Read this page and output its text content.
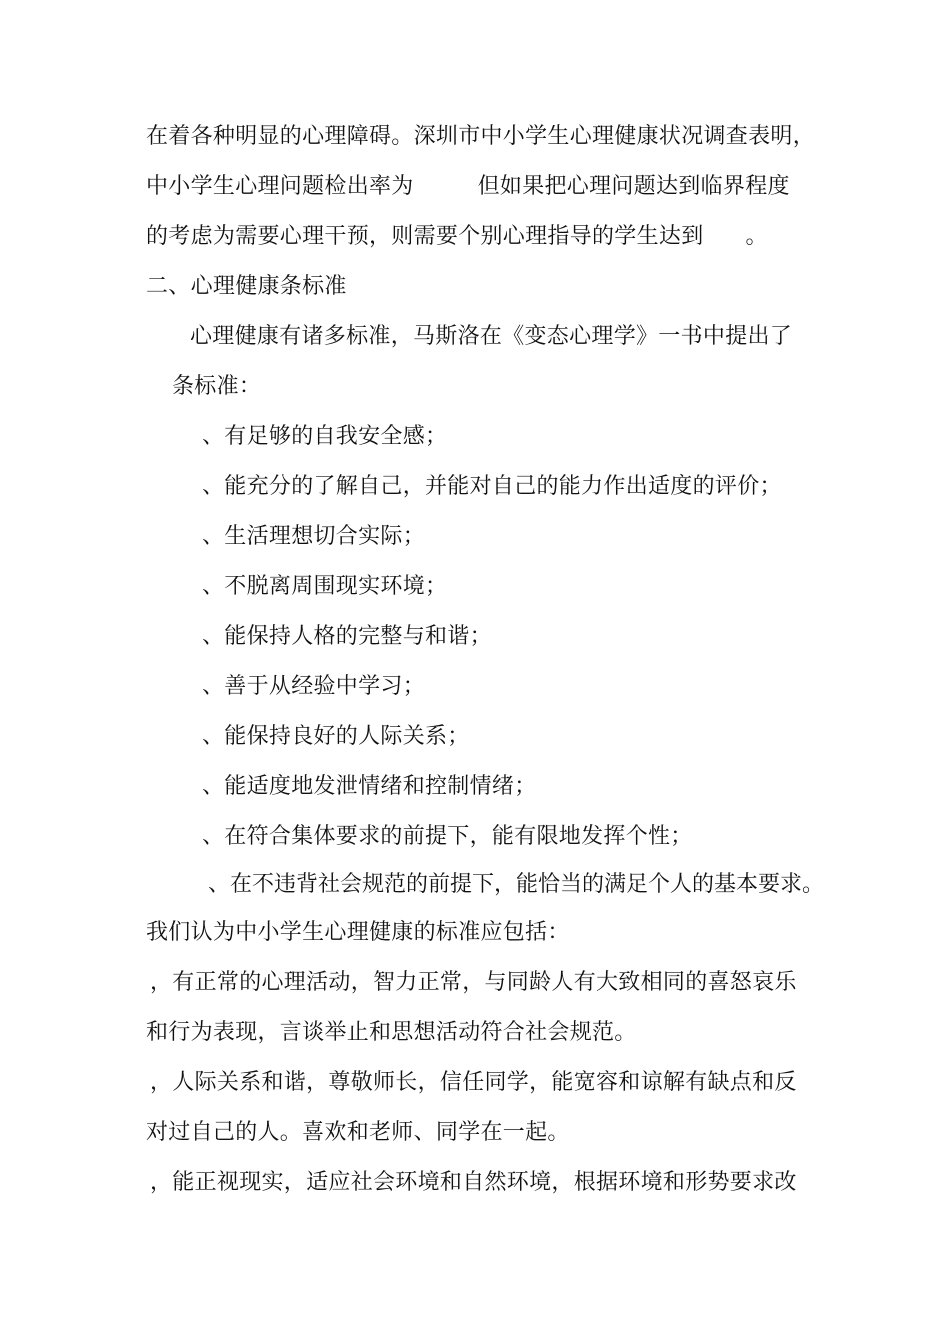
在着各种明显的心理障碍。深圳市中小学生心理健康状况调查表明，
中小学生心理问题检出率为	但如果把心理问题达到临界程度
的考虑为需要心理干预，则需要个别心理指导的学生达到 。
二、心理健康条标准
心理健康有诸多标准，马斯洛在《变态心理学》一书中提出了
条标准：
、有足够的自我安全感；
、能充分的了解自己，并能对自己的能力作出适度的评价；
、生活理想切合实际；
、不脱离周围现实环境；
、能保持人格的完整与和谐；
、善于从经验中学习；
、能保持良好的人际关系；
、能适度地发泄情绪和控制情绪；
、在符合集体要求的前提下，能有限地发挥个性；
、在不违背社会规范的前提下，能恰当的满足个人的基本要求。
我们认为中小学生心理健康的标准应包括：
，有正常的心理活动，智力正常，与同龄人有大致相同的喜怒哀乐
和行为表现，言谈举止和思想活动符合社会规范。
，人际关系和谐，尊敬师长，信任同学，能宽容和谅解有缺点和反
对过自己的人。喜欢和老师、同学在一起。
，能正视现实，适应社会环境和自然环境，根据环境和形势要求改
